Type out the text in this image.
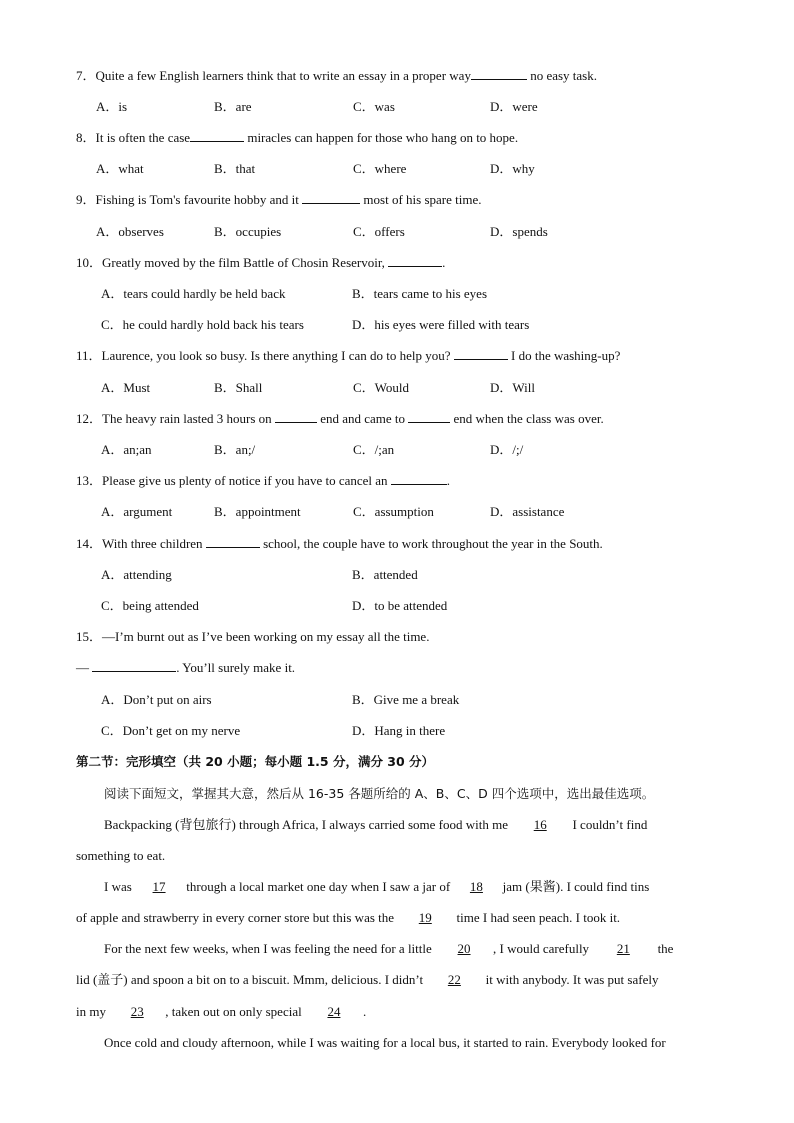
7．Quite a few English learners think that to write an essay in a proper way	no easy task.
A．is	B．are	C．was	D．were
8．It is often the case	miracles can happen for those who hang on to hope.
A．what	B．that	C．where	D．why
9．Fishing is Tom's favourite hobby and it	most of his spare time.
A．observes	B．occupies	C．offers	D．spends
10．Greatly moved by the film Battle of Chosin Reservoir,	.
A．tears could hardly be held back	B．tears came to his eyes
C．he could hardly hold back his tears	D．his eyes were filled with tears
11．Laurence, you look so busy. Is there anything I can do to help you?	I do the washing-up?
A．Must	B．Shall	C．Would	D．Will
12．The heavy rain lasted 3 hours on	end and came to	end when the class was over.
A．an;an	B．an;/	C．/;an	D．/;/
13．Please give us plenty of notice if you have to cancel an	.
A．argument	B．appointment	C．assumption	D．assistance
14．With three children	school, the couple have to work throughout the year in the South.
A．attending	B．attended
C．being attended	D．to be attended
15．—I’m burnt out as I’ve been working on my essay all the time.
—	. You’ll surely make it.
A．Don’t put on airs	B．Give me a break
C．Don’t get on my nerve	D．Hang in there
第二节：完形填空（共 20 小题；每小题 1.5 分，满分 30 分）
阅读下面短文，掌握其大意，然后从 16-35 各题所给的 A、B、C、D 四个选项中，选出最佳选项。
Backpacking (背包旅行) through Africa, I always carried some food with me 16 I couldn’t find
something to eat.
I was 17 through a local market one day when I saw a jar of 18 jam (果酱). I could find tins
of apple and strawberry in every corner store but this was the 19 time I had seen peach. I took it.
For the next few weeks, when I was feeling the need for a little 20 , I would carefully 21 the
lid (盖子) and spoon a bit on to a biscuit. Mmm, delicious. I didn’t 22 it with anybody. It was put safely
in my 23 , taken out on only special 24 .
Once cold and cloudy afternoon, while I was waiting for a local bus, it started to rain. Everybody looked for
